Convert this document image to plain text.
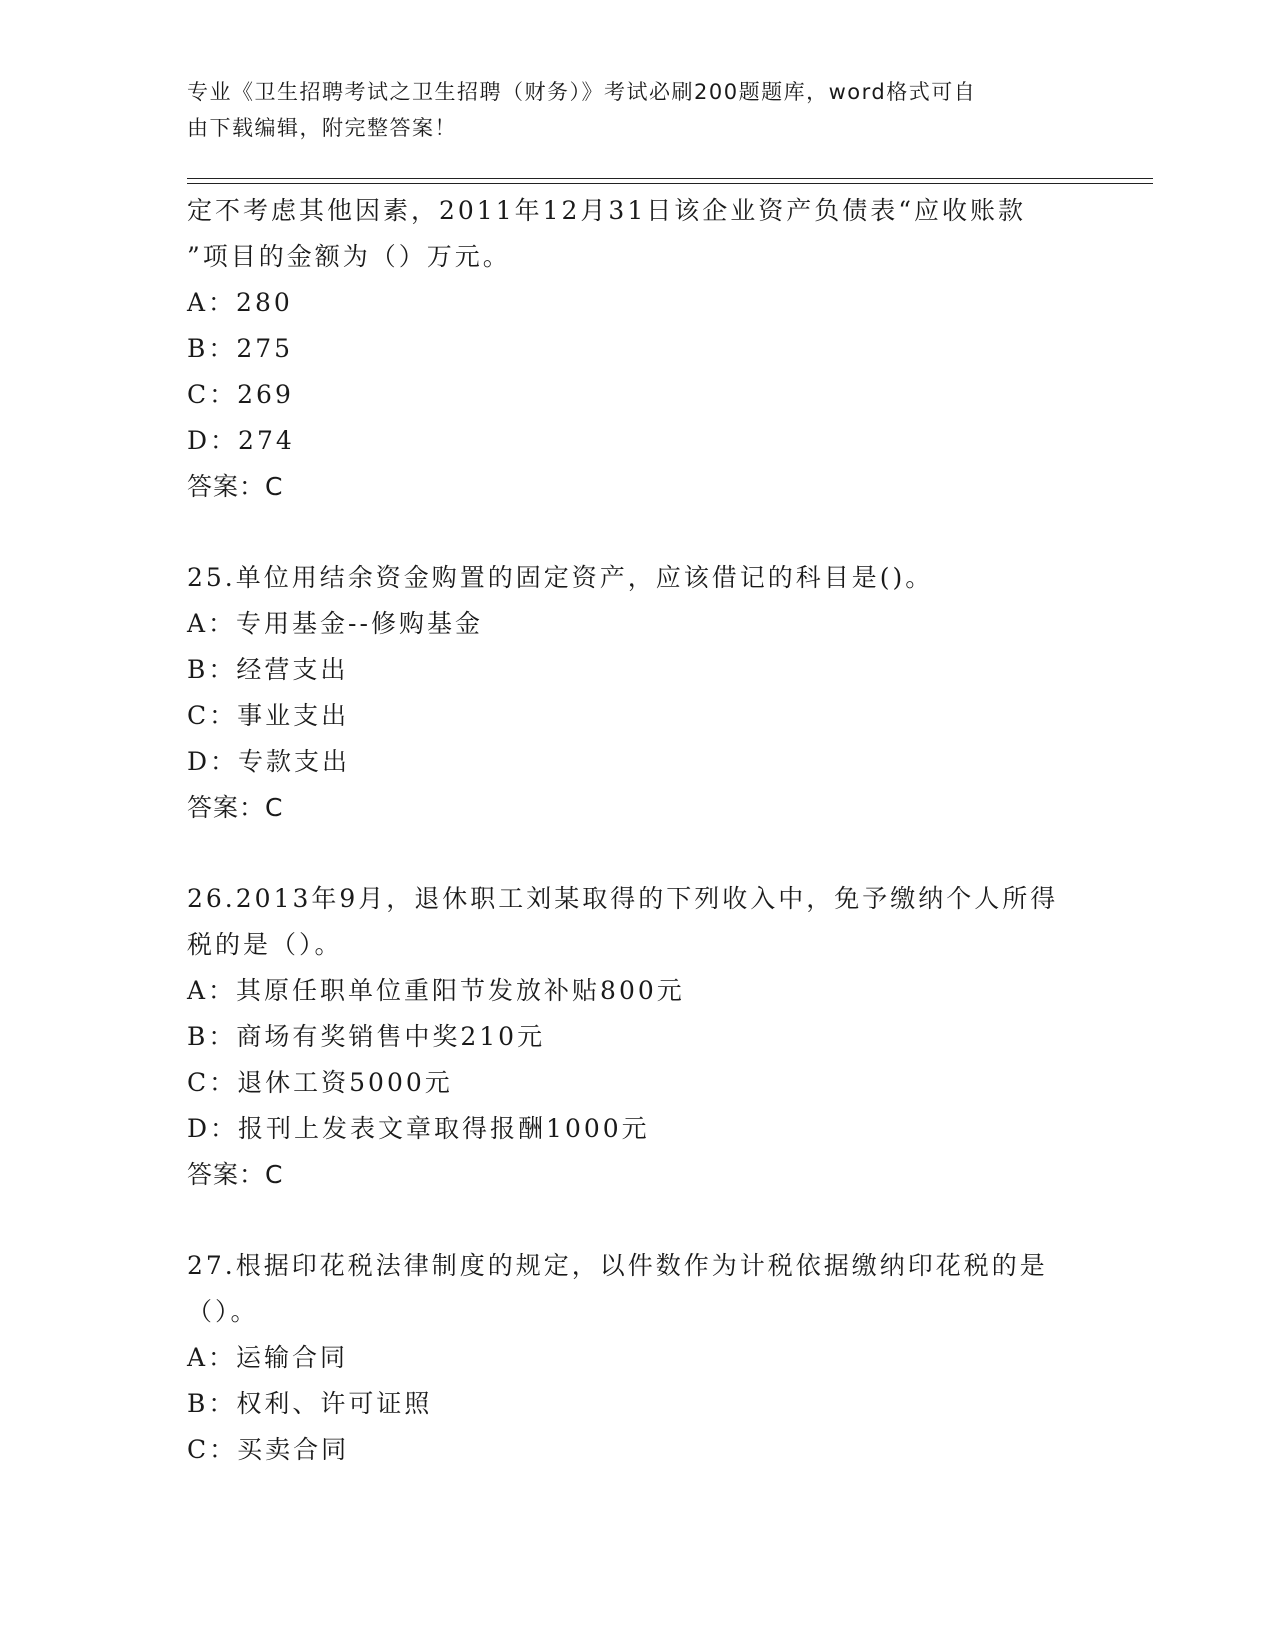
专业《卫生招聘考试之卫生招聘（财务）》考试必刷200题题库，word格式可自
由下载编辑，附完整答案！
定不考虑其他因素，2011年12月31日该企业资产负债表“应收账款
”项目的金额为（）万元。
A：280
B：275
C：269
D：274
答案：C
25.单位用结余资金购置的固定资产，应该借记的科目是()。
A：专用基金--修购基金
B：经营支出
C：事业支出
D：专款支出
答案：C
26.2013年9月，退休职工刘某取得的下列收入中，免予缴纳个人所得
税的是（）。
A：其原任职单位重阳节发放补贴800元
B：商场有奖销售中奖210元
C：退休工资5000元
D：报刊上发表文章取得报酬1000元
答案：C
27.根据印花税法律制度的规定，以件数作为计税依据缴纳印花税的是
（）。
A：运输合同
B：权利、许可证照
C：买卖合同
